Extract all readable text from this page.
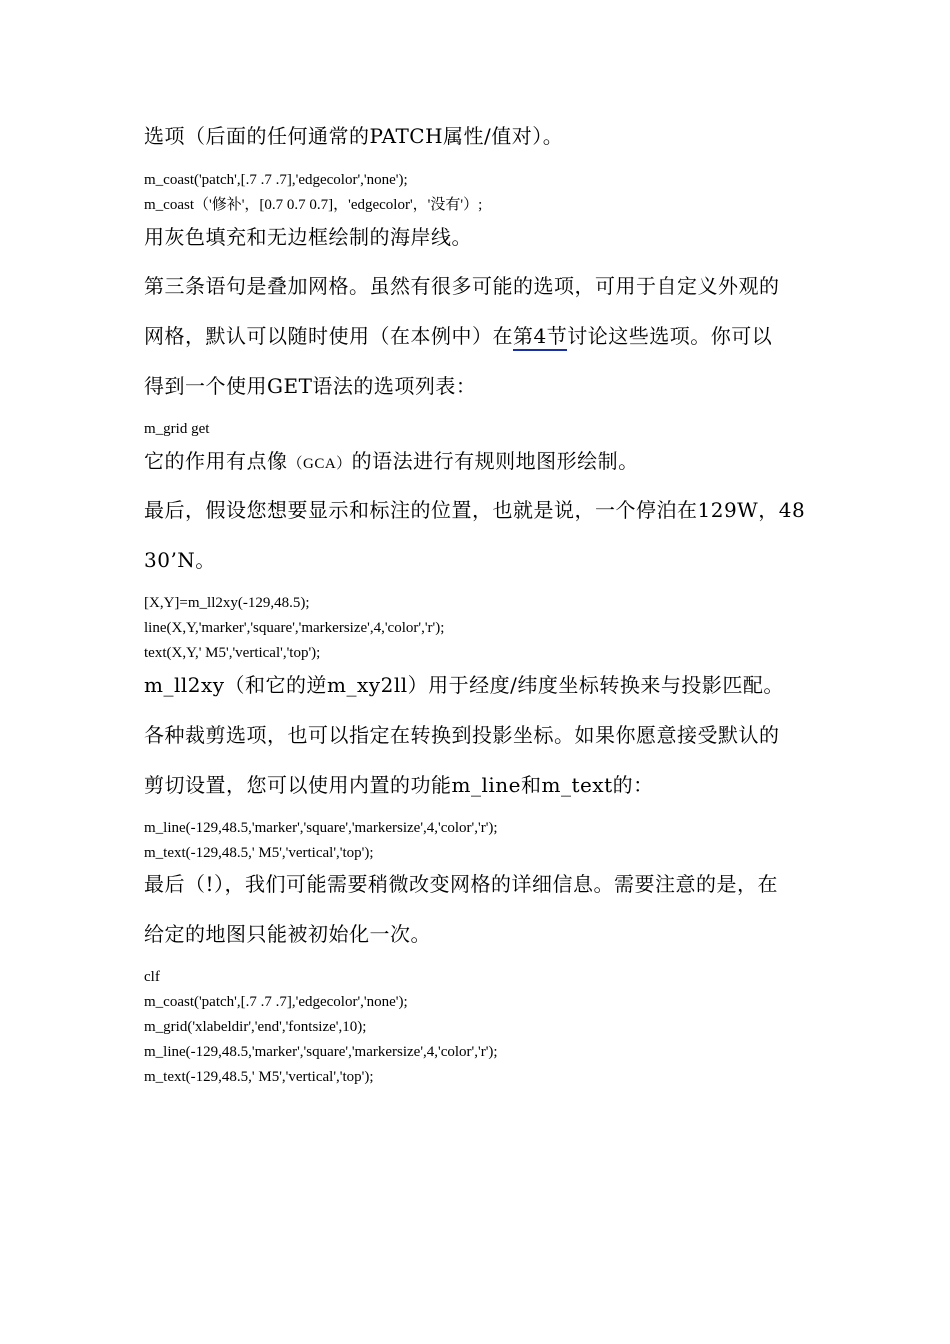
选项（后面的任何通常的PATCH属性/值对）。
m_coast('patch',[.7 .7 .7],'edgecolor','none');
m_coast（'修补'，[0.7 0.7 0.7]，'edgecolor'，'没有'）;
用灰色填充和无边框绘制的海岸线。
第三条语句是叠加网格。虽然有很多可能的选项，可用于自定义外观的
网格，默认可以随时使用（在本例中）在第4节讨论这些选项。你可以
得到一个使用GET语法的选项列表：
m_grid get
它的作用有点像（GCA）的语法进行有规则地图形绘制。
最后，假设您想要显示和标注的位置，也就是说，一个停泊在129W，48
30’N。
[X,Y]=m_ll2xy(-129,48.5);
line(X,Y,'marker','square','markersize',4,'color','r');
text(X,Y,' M5','vertical','top');
m_ll2xy（和它的逆m_xy2ll）用于经度/纬度坐标转换来与投影匹配。
各种裁剪选项，也可以指定在转换到投影坐标。如果你愿意接受默认的
剪切设置，您可以使用内置的功能m_line和m_text的：
m_line(-129,48.5,'marker','square','markersize',4,'color','r');
m_text(-129,48.5,' M5','vertical','top');
最后（!），我们可能需要稍微改变网格的详细信息。需要注意的是，在
给定的地图只能被初始化一次。
clf
m_coast('patch',[.7 .7 .7],'edgecolor','none');
m_grid('xlabeldir','end','fontsize',10);
m_line(-129,48.5,'marker','square','markersize',4,'color','r');
m_text(-129,48.5,' M5','vertical','top');
